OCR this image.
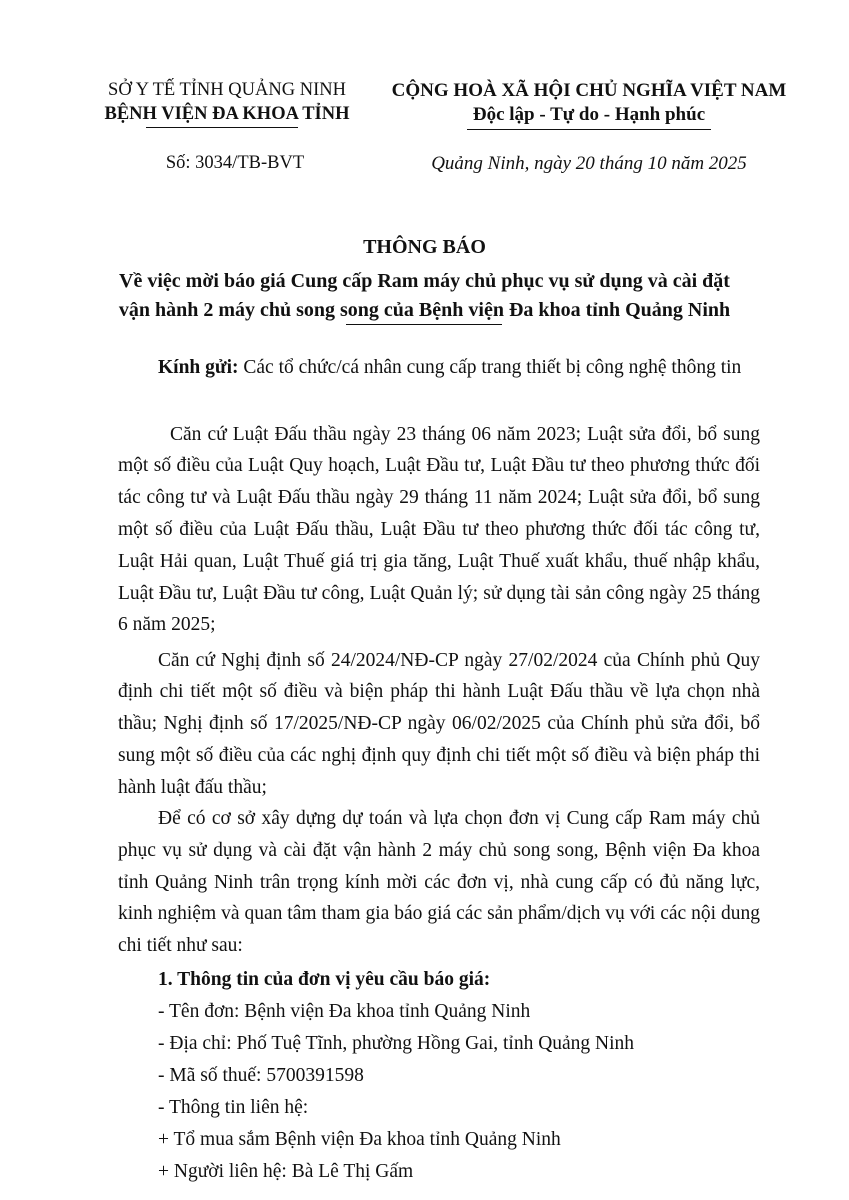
SỞ Y TẾ TỈNH QUẢNG NINH
BỆNH VIỆN ĐA KHOA TỈNH
Số: 3034/TB-BVT
CỘNG HOÀ XÃ HỘI CHỦ NGHĨA VIỆT NAM
Độc lập - Tự do - Hạnh phúc
Quảng Ninh, ngày 20 tháng 10 năm 2025
THÔNG BÁO
Về việc mời báo giá Cung cấp Ram máy chủ phục vụ sử dụng và cài đặt
vận hành 2 máy chủ song song của Bệnh viện Đa khoa tỉnh Quảng Ninh
Kính gửi: Các tổ chức/cá nhân cung cấp trang thiết bị công nghệ thông tin
Căn cứ Luật Đấu thầu ngày 23 tháng 06 năm 2023; Luật sửa đổi, bổ sung
một số điều của Luật Quy hoạch, Luật Đầu tư, Luật Đầu tư theo phương thức đối
tác công tư và Luật Đấu thầu ngày 29 tháng 11 năm 2024; Luật sửa đổi, bổ sung
một số điều của Luật Đấu thầu, Luật Đầu tư theo phương thức đối tác công tư,
Luật Hải quan, Luật Thuế giá trị gia tăng, Luật Thuế xuất khẩu, thuế nhập khẩu,
Luật Đầu tư, Luật Đầu tư công, Luật Quản lý; sử dụng tài sản công ngày 25 tháng
6 năm 2025;
Căn cứ Nghị định số 24/2024/NĐ-CP ngày 27/02/2024 của Chính phủ Quy
định chi tiết một số điều và biện pháp thi hành Luật Đấu thầu về lựa chọn nhà
thầu; Nghị định số 17/2025/NĐ-CP ngày 06/02/2025 của Chính phủ sửa đổi, bổ
sung một số điều của các nghị định quy định chi tiết một số điều và biện pháp thi
hành luật đấu thầu;
Để có cơ sở xây dựng dự toán và lựa chọn đơn vị Cung cấp Ram máy chủ
phục vụ sử dụng và cài đặt vận hành 2 máy chủ song song, Bệnh viện Đa khoa
tỉnh Quảng Ninh trân trọng kính mời các đơn vị, nhà cung cấp có đủ năng lực,
kinh nghiệm và quan tâm tham gia báo giá các sản phẩm/dịch vụ với các nội dung
chi tiết như sau:
1. Thông tin của đơn vị yêu cầu báo giá:
- Tên đơn: Bệnh viện Đa khoa tỉnh Quảng Ninh
- Địa chỉ: Phố Tuệ Tĩnh, phường Hồng Gai, tỉnh Quảng Ninh
- Mã số thuế: 5700391598
- Thông tin liên hệ:
+ Tổ mua sắm Bệnh viện Đa khoa tỉnh Quảng Ninh
+ Người liên hệ: Bà Lê Thị Gấm
